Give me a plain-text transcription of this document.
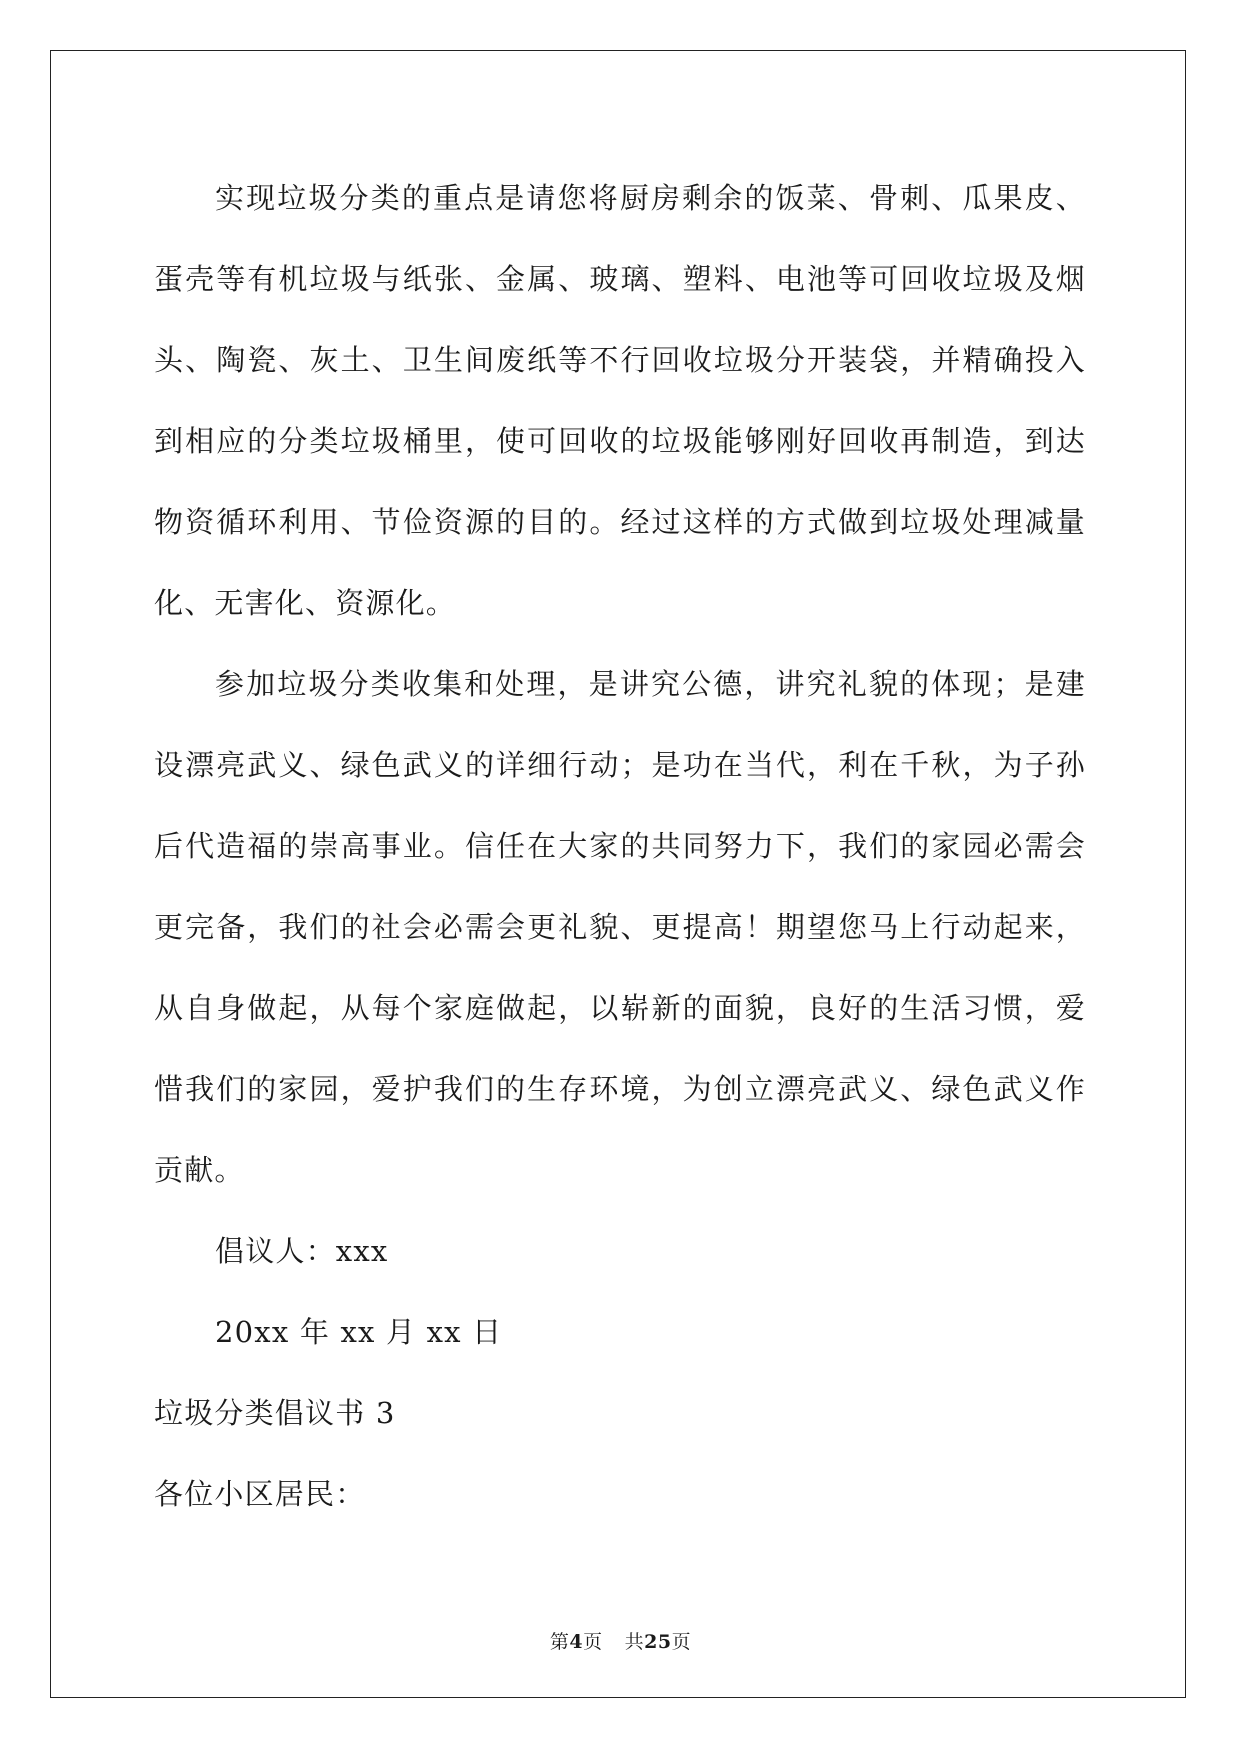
实现垃圾分类的重点是请您将厨房剩余的饭菜、骨刺、瓜果皮、蛋壳等有机垃圾与纸张、金属、玻璃、塑料、电池等可回收垃圾及烟头、陶瓷、灰土、卫生间废纸等不行回收垃圾分开装袋，并精确投入到相应的分类垃圾桶里，使可回收的垃圾能够刚好回收再制造，到达物资循环利用、节俭资源的目的。经过这样的方式做到垃圾处理减量化、无害化、资源化。

参加垃圾分类收集和处理，是讲究公德，讲究礼貌的体现；是建设漂亮武义、绿色武义的详细行动；是功在当代，利在千秋，为子孙后代造福的崇高事业。信任在大家的共同努力下，我们的家园必需会更完备，我们的社会必需会更礼貌、更提高！期望您马上行动起来，从自身做起，从每个家庭做起，以崭新的面貌，良好的生活习惯，爱惜我们的家园，爱护我们的生存环境，为创立漂亮武义、绿色武义作贡献。

倡议人：xxx

20xx 年 xx 月 xx 日

垃圾分类倡议书 3

各位小区居民：

第4页 共25页
